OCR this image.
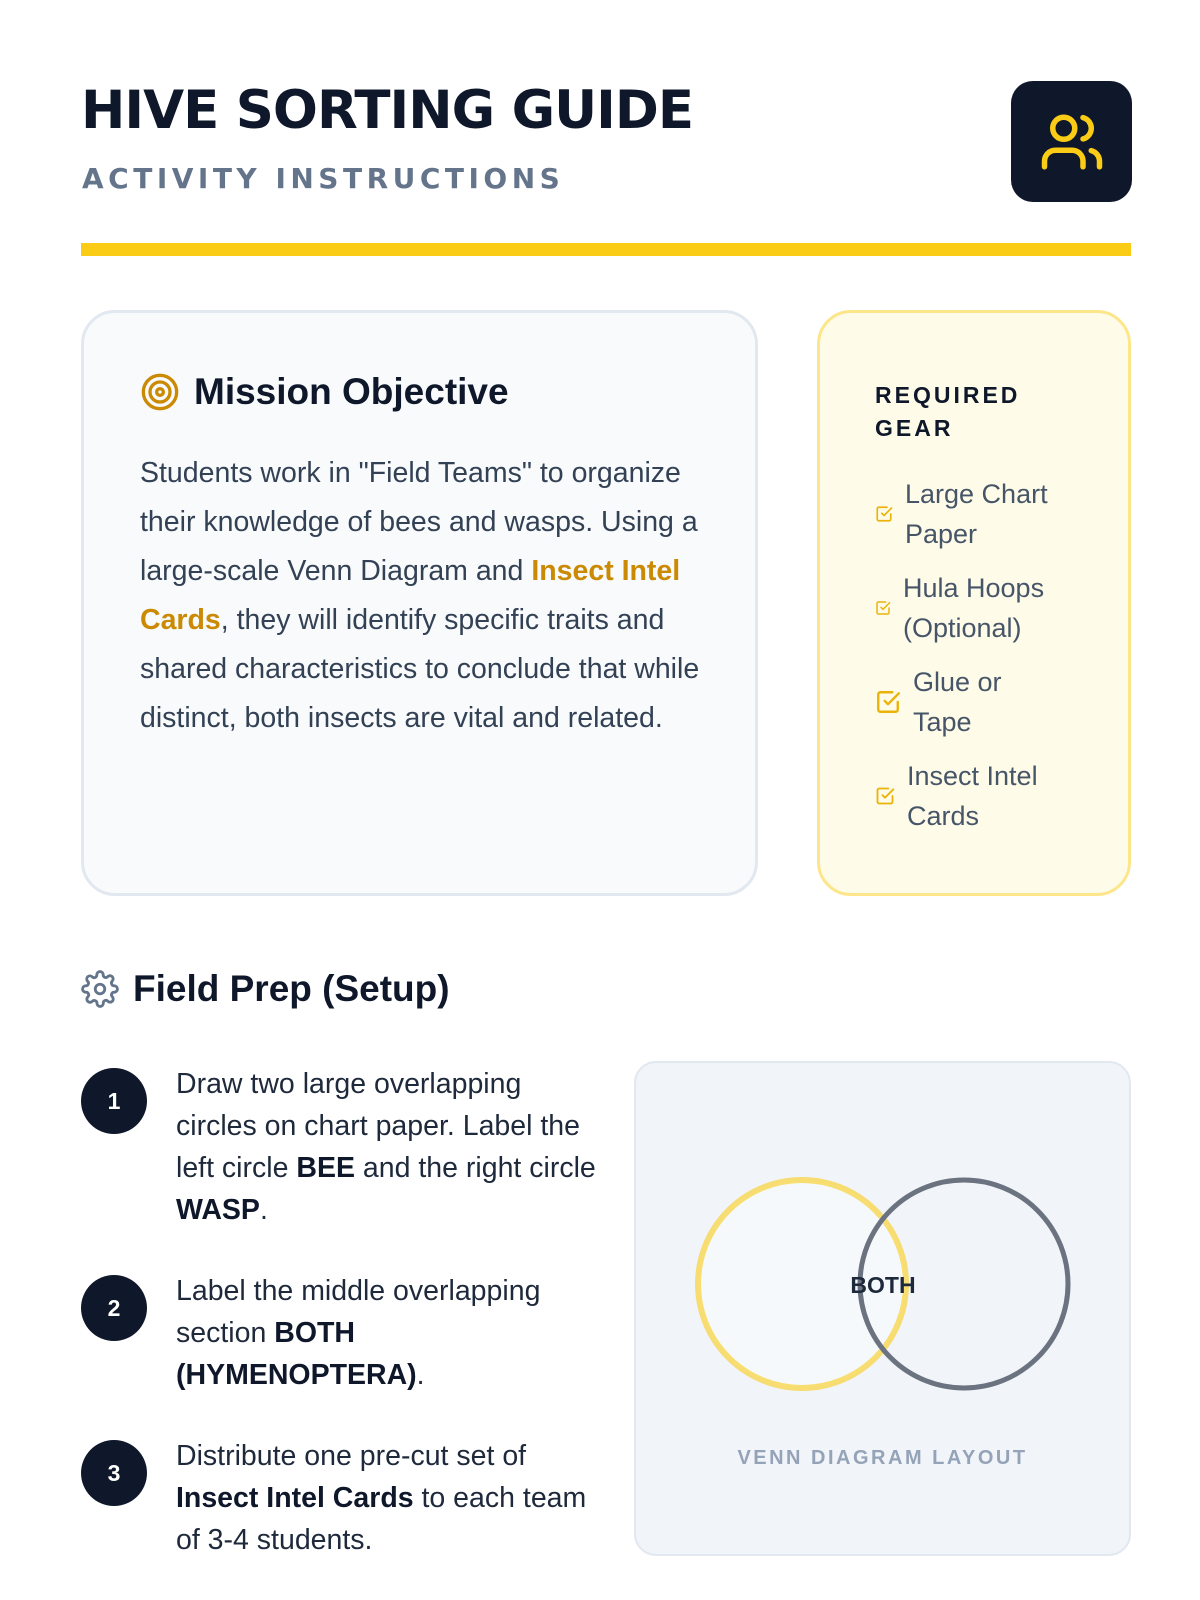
HIVE SORTING GUIDE
ACTIVITY INSTRUCTIONS
Mission Objective
Students work in "Field Teams" to organize their knowledge of bees and wasps. Using a large-scale Venn Diagram and Insect Intel Cards, they will identify specific traits and shared characteristics to conclude that while distinct, both insects are vital and related.
REQUIRED GEAR
Large Chart Paper
Hula Hoops (Optional)
Glue or Tape
Insect Intel Cards
Field Prep (Setup)
1
Draw two large overlapping circles on chart paper. Label the left circle BEE and the right circle WASP.
2
Label the middle overlapping section BOTH (HYMENOPTERA).
3
Distribute one pre-cut set of Insect Intel Cards to each team of 3-4 students.
BOTH
VENN DIAGRAM LAYOUT
